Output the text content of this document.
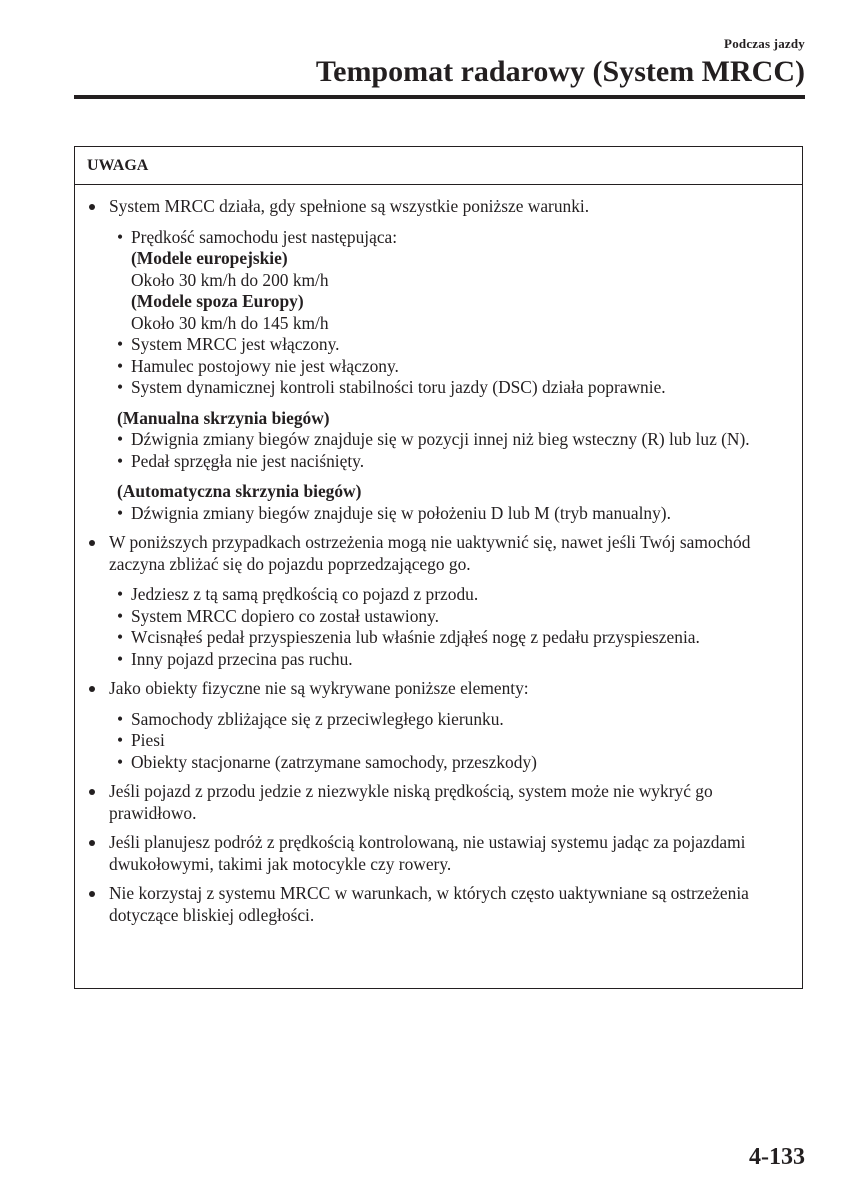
Podczas jazdy
Tempomat radarowy (System MRCC)
UWAGA

System MRCC działa, gdy spełnione są wszystkie poniższe warunki.

• Prędkość samochodu jest następująca:

(Modele europejskie)

Około 30 km/h do 200 km/h

(Modele spoza Europy)

Około 30 km/h do 145 km/h

• System MRCC jest włączony.

• Hamulec postojowy nie jest włączony.

• System dynamicznej kontroli stabilności toru jazdy (DSC) działa poprawnie.

(Manualna skrzynia biegów)

• Dźwignia zmiany biegów znajduje się w pozycji innej niż bieg wsteczny (R) lub luz (N).

• Pedał sprzęgła nie jest naciśnięty.

(Automatyczna skrzynia biegów)

• Dźwignia zmiany biegów znajduje się w położeniu D lub M (tryb manualny).

W poniższych przypadkach ostrzeżenia mogą nie uaktywnić się, nawet jeśli Twój samochód zaczyna zbliżać się do pojazdu poprzedzającego go.

• Jedziesz z tą samą prędkością co pojazd z przodu.

• System MRCC dopiero co został ustawiony.

• Wcisnąłeś pedał przyspieszenia lub właśnie zdjąłeś nogę z pedału przyspieszenia.

• Inny pojazd przecina pas ruchu.

Jako obiekty fizyczne nie są wykrywane poniższe elementy:

• Samochody zbliżające się z przeciwległego kierunku.

• Piesi

• Obiekty stacjonarne (zatrzymane samochody, przeszkody)

Jeśli pojazd z przodu jedzie z niezwykle niską prędkością, system może nie wykryć go prawidłowo.

Jeśli planujesz podróż z prędkością kontrolowaną, nie ustawiaj systemu jadąc za pojazdami dwukołowymi, takimi jak motocykle czy rowery.

Nie korzystaj z systemu MRCC w warunkach, w których często uaktywniane są ostrzeżenia dotyczące bliskiej odległości.

4-133
